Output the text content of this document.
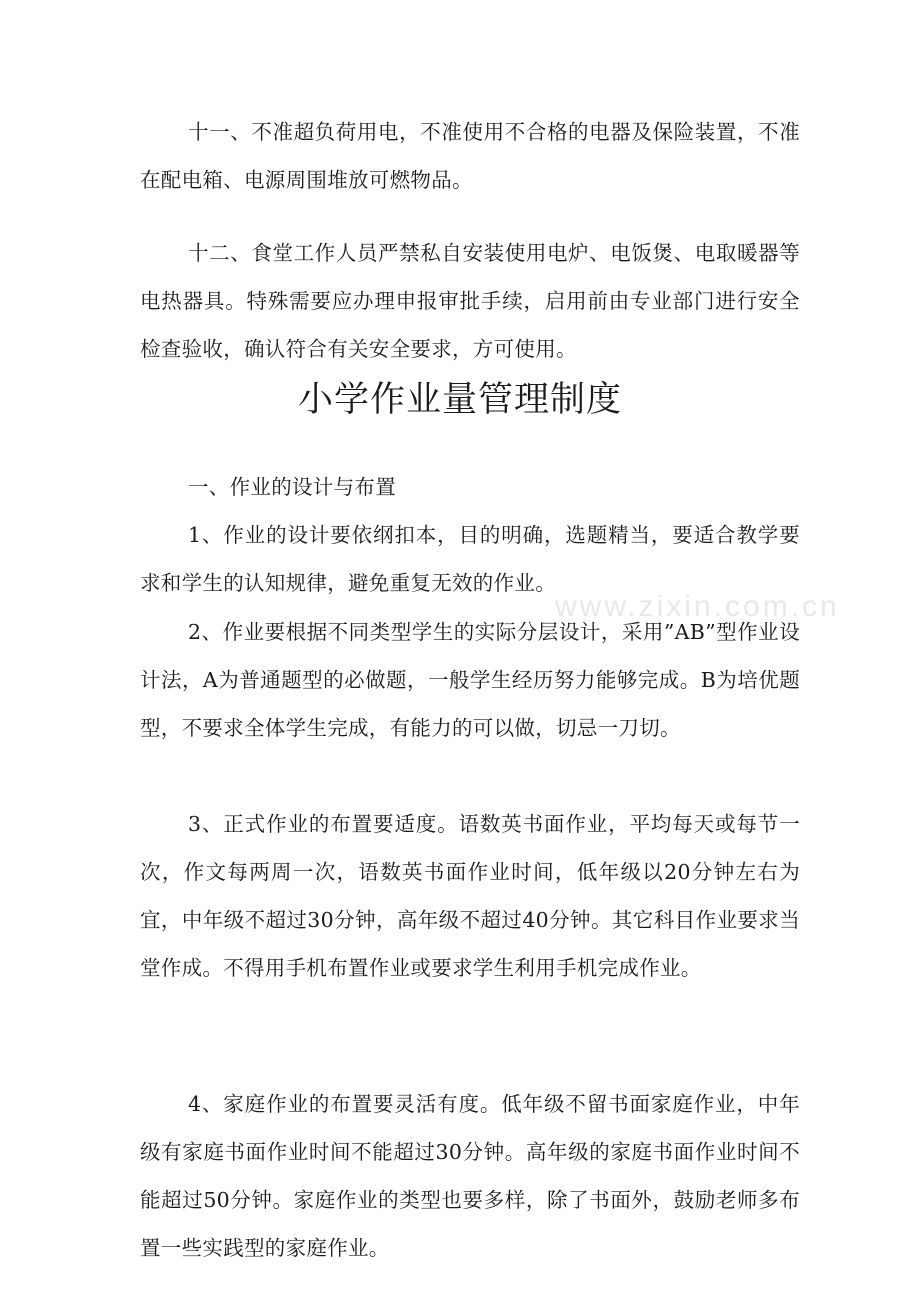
十一、不准超负荷用电，不准使用不合格的电器及保险装置，不准在配电箱、电源周围堆放可燃物品。

十二、食堂工作人员严禁私自安装使用电炉、电饭煲、电取暖器等电热器具。特殊需要应办理申报审批手续，启用前由专业部门进行安全检查验收，确认符合有关安全要求，方可使用。

小学作业量管理制度

一、作业的设计与布置

1、作业的设计要依纲扣本，目的明确，选题精当，要适合教学要求和学生的认知规律，避免重复无效的作业。

2、作业要根据不同类型学生的实际分层设计，采用”AB”型作业设计法，A为普通题型的必做题，一般学生经历努力能够完成。B为培优题型，不要求全体学生完成，有能力的可以做，切忌一刀切。

3、正式作业的布置要适度。语数英书面作业，平均每天或每节一次，作文每两周一次，语数英书面作业时间，低年级以20分钟左右为宜，中年级不超过30分钟，高年级不超过40分钟。其它科目作业要求当堂作成。不得用手机布置作业或要求学生利用手机完成作业。

4、家庭作业的布置要灵活有度。低年级不留书面家庭作业，中年级有家庭书面作业时间不能超过30分钟。高年级的家庭书面作业时间不能超过50分钟。家庭作业的类型也要多样，除了书面外，鼓励老师多布置一些实践型的家庭作业。

www.zixin.com.cn
